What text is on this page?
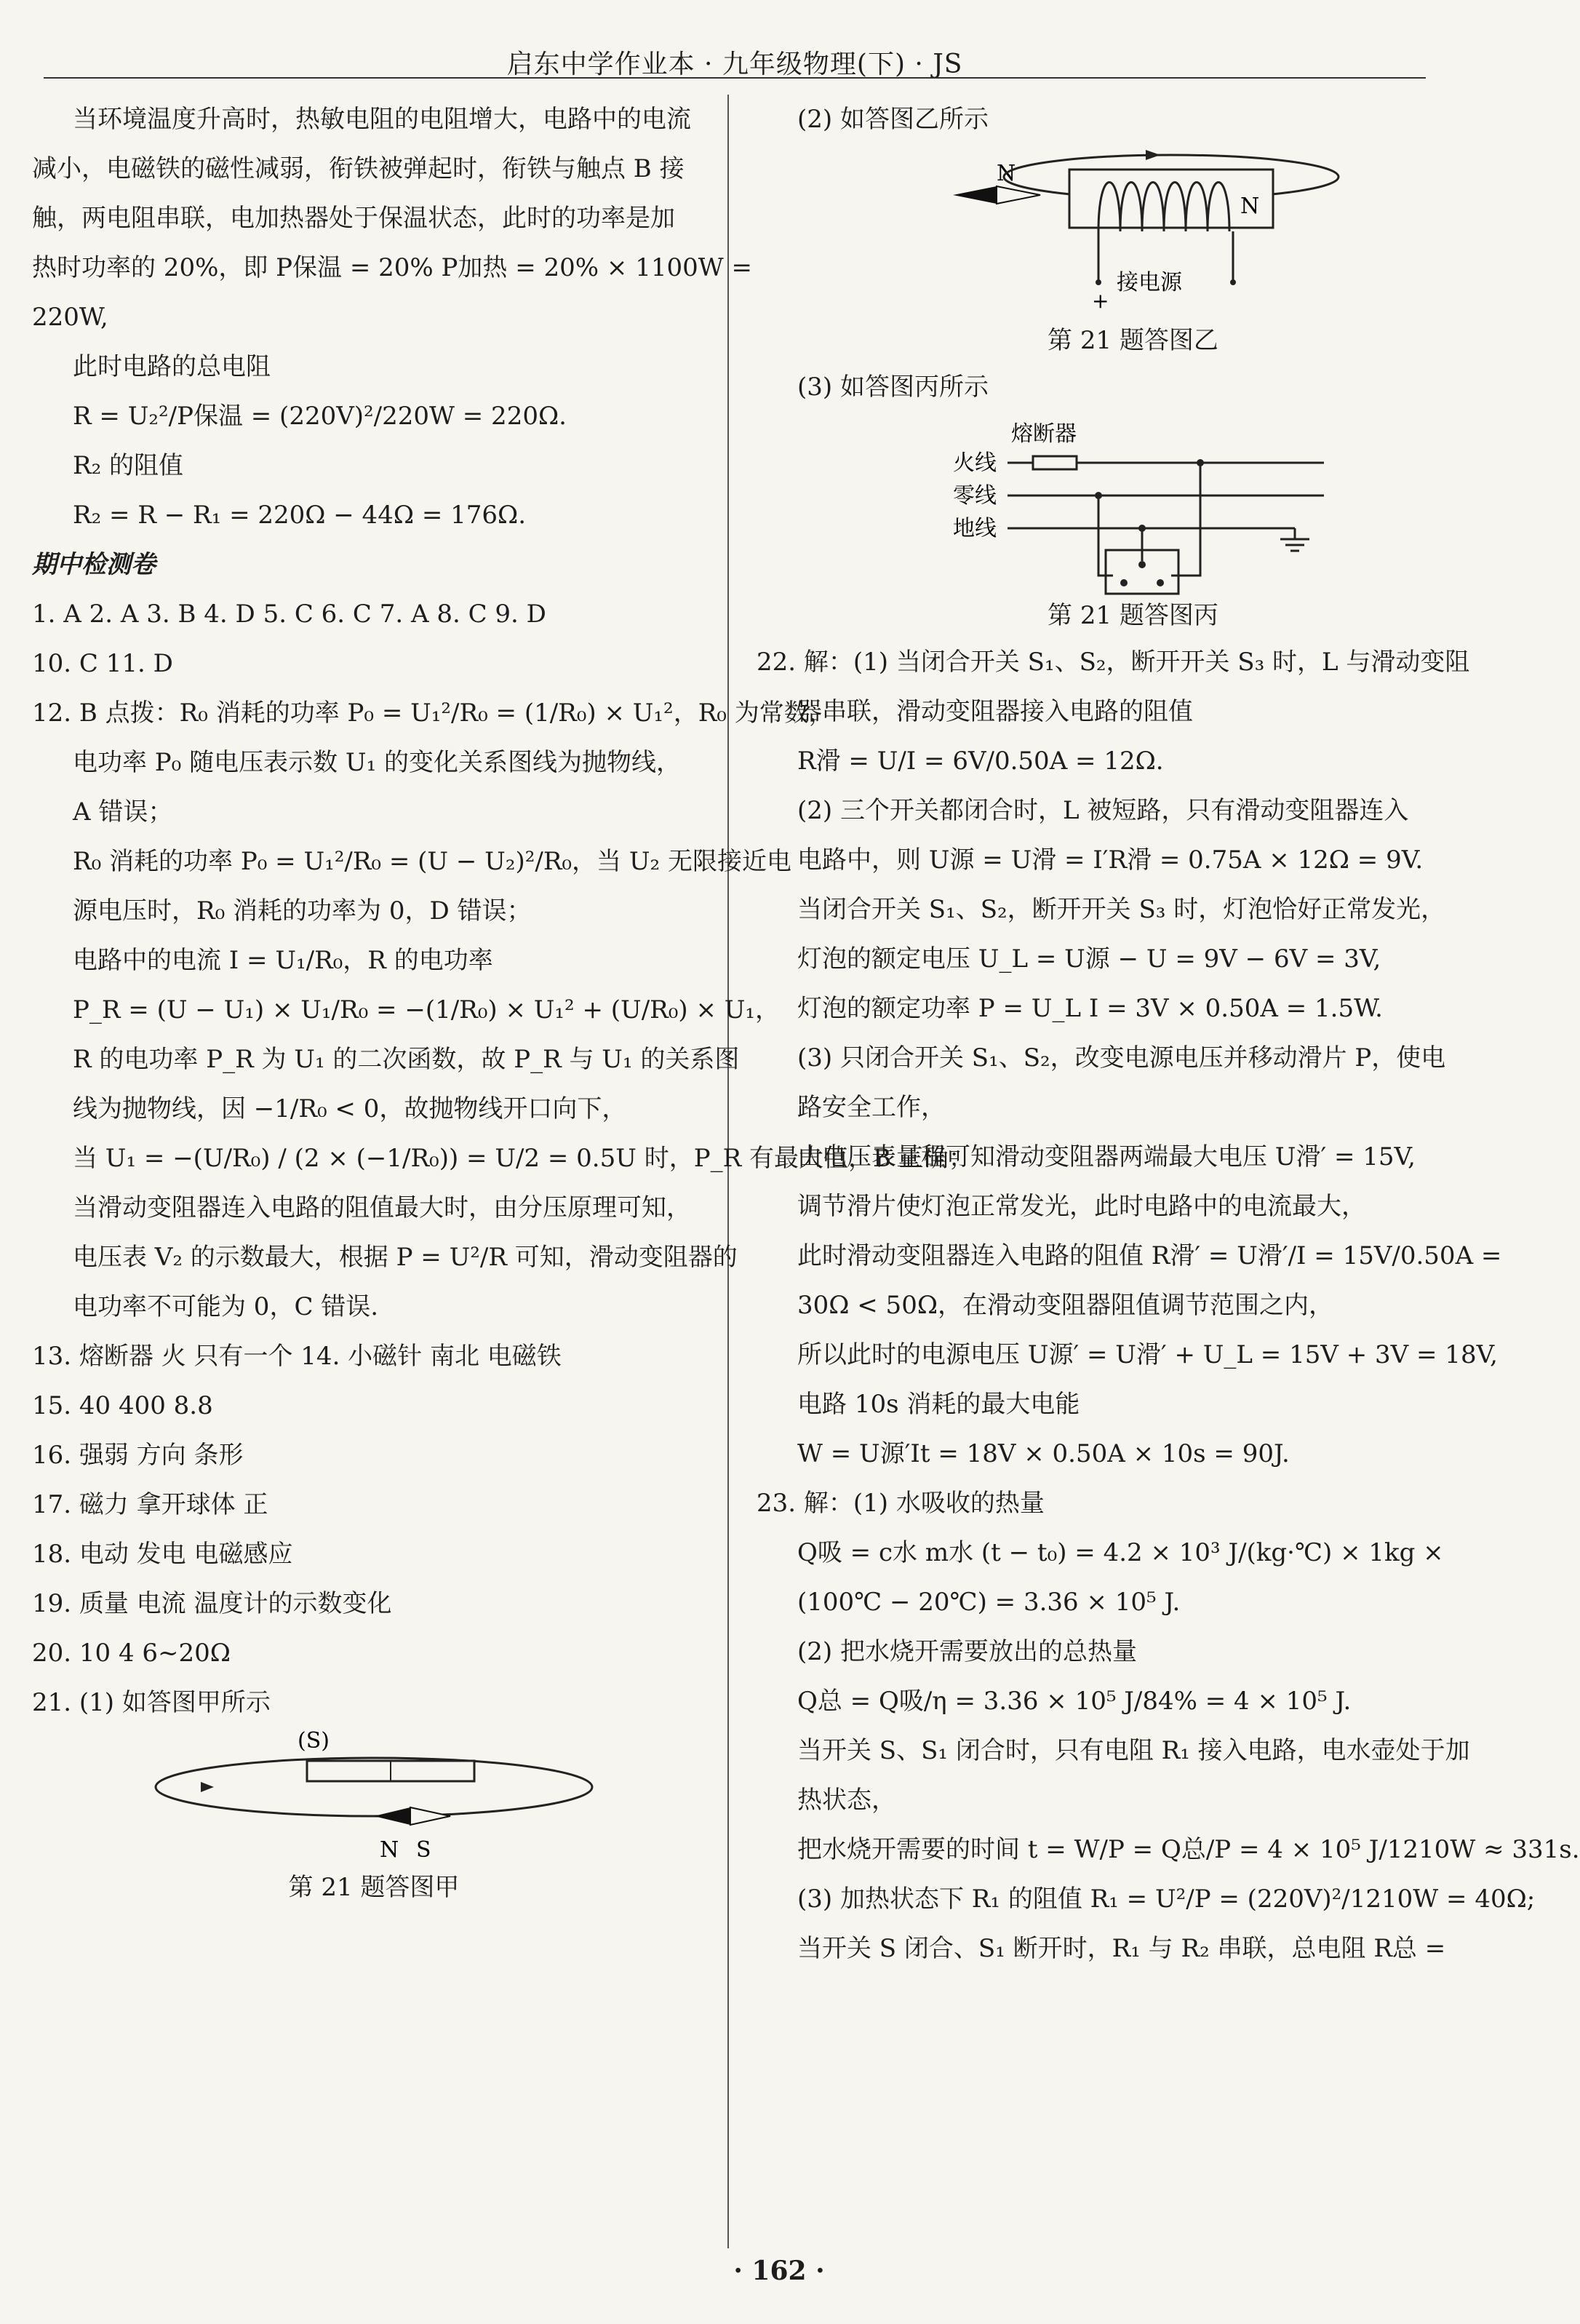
启东中学作业本 · 九年级物理(下) · JS
当环境温度升高时，热敏电阻的电阻增大，电路中的电流
减小，电磁铁的磁性减弱，衔铁被弹起时，衔铁与触点 B 接
触，两电阻串联，电加热器处于保温状态，此时的功率是加
热时功率的 20%，即 P保温 = 20% P加热 = 20% × 1100W =
220W,
此时电路的总电阻
R = U₂²/P保温 = (220V)²/220W = 220Ω.
R₂ 的阻值
R₂ = R − R₁ = 220Ω − 44Ω = 176Ω.
期中检测卷
1. A 2. A 3. B 4. D 5. C 6. C 7. A 8. C 9. D
10. C 11. D
12. B 点拨：R₀ 消耗的功率 P₀ = U₁²/R₀ = (1/R₀) × U₁²，R₀ 为常数，
电功率 P₀ 随电压表示数 U₁ 的变化关系图线为抛物线，
A 错误；
R₀ 消耗的功率 P₀ = U₁²/R₀ = (U − U₂)²/R₀，当 U₂ 无限接近电
源电压时，R₀ 消耗的功率为 0，D 错误；
电路中的电流 I = U₁/R₀，R 的电功率
P_R = (U − U₁) × U₁/R₀ = −(1/R₀) × U₁² + (U/R₀) × U₁，
R 的电功率 P_R 为 U₁ 的二次函数，故 P_R 与 U₁ 的关系图
线为抛物线，因 −1/R₀ < 0，故抛物线开口向下，
当 U₁ = −(U/R₀) / (2 × (−1/R₀)) = U/2 = 0.5U 时，P_R 有最大值，B 正确；
当滑动变阻器连入电路的阻值最大时，由分压原理可知，
电压表 V₂ 的示数最大，根据 P = U²/R 可知，滑动变阻器的
电功率不可能为 0，C 错误.
13. 熔断器 火 只有一个 14. 小磁针 南北 电磁铁
15. 40 400 8.8
16. 强弱 方向 条形
17. 磁力 拿开球体 正
18. 电动 发电 电磁感应
19. 质量 电流 温度计的示数变化
20. 10 4 6~20Ω
21. (1) 如答图甲所示
(S)
N S
第 21 题答图甲
(2) 如答图乙所示
N
N
+
接电源
第 21 题答图乙
(3) 如答图丙所示
熔断器
火线
零线
地线
第 21 题答图丙
22. 解：(1) 当闭合开关 S₁、S₂，断开开关 S₃ 时，L 与滑动变阻
器串联，滑动变阻器接入电路的阻值
R滑 = U/I = 6V/0.50A = 12Ω.
(2) 三个开关都闭合时，L 被短路，只有滑动变阻器连入
电路中，则 U源 = U滑 = I′R滑 = 0.75A × 12Ω = 9V.
当闭合开关 S₁、S₂，断开开关 S₃ 时，灯泡恰好正常发光，
灯泡的额定电压 U_L = U源 − U = 9V − 6V = 3V,
灯泡的额定功率 P = U_L I = 3V × 0.50A = 1.5W.
(3) 只闭合开关 S₁、S₂，改变电源电压并移动滑片 P，使电
路安全工作，
由电压表量程可知滑动变阻器两端最大电压 U滑′ = 15V,
调节滑片使灯泡正常发光，此时电路中的电流最大，
此时滑动变阻器连入电路的阻值 R滑′ = U滑′/I = 15V/0.50A =
30Ω < 50Ω，在滑动变阻器阻值调节范围之内，
所以此时的电源电压 U源′ = U滑′ + U_L = 15V + 3V = 18V,
电路 10s 消耗的最大电能
W = U源′It = 18V × 0.50A × 10s = 90J.
23. 解：(1) 水吸收的热量
Q吸 = c水 m水 (t − t₀) = 4.2 × 10³ J/(kg·℃) × 1kg ×
(100℃ − 20℃) = 3.36 × 10⁵ J.
(2) 把水烧开需要放出的总热量
Q总 = Q吸/η = 3.36 × 10⁵ J/84% = 4 × 10⁵ J.
当开关 S、S₁ 闭合时，只有电阻 R₁ 接入电路，电水壶处于加
热状态，
把水烧开需要的时间 t = W/P = Q总/P = 4 × 10⁵ J/1210W ≈ 331s.
(3) 加热状态下 R₁ 的阻值 R₁ = U²/P = (220V)²/1210W = 40Ω;
当开关 S 闭合、S₁ 断开时，R₁ 与 R₂ 串联，总电阻 R总 =
· 162 ·
